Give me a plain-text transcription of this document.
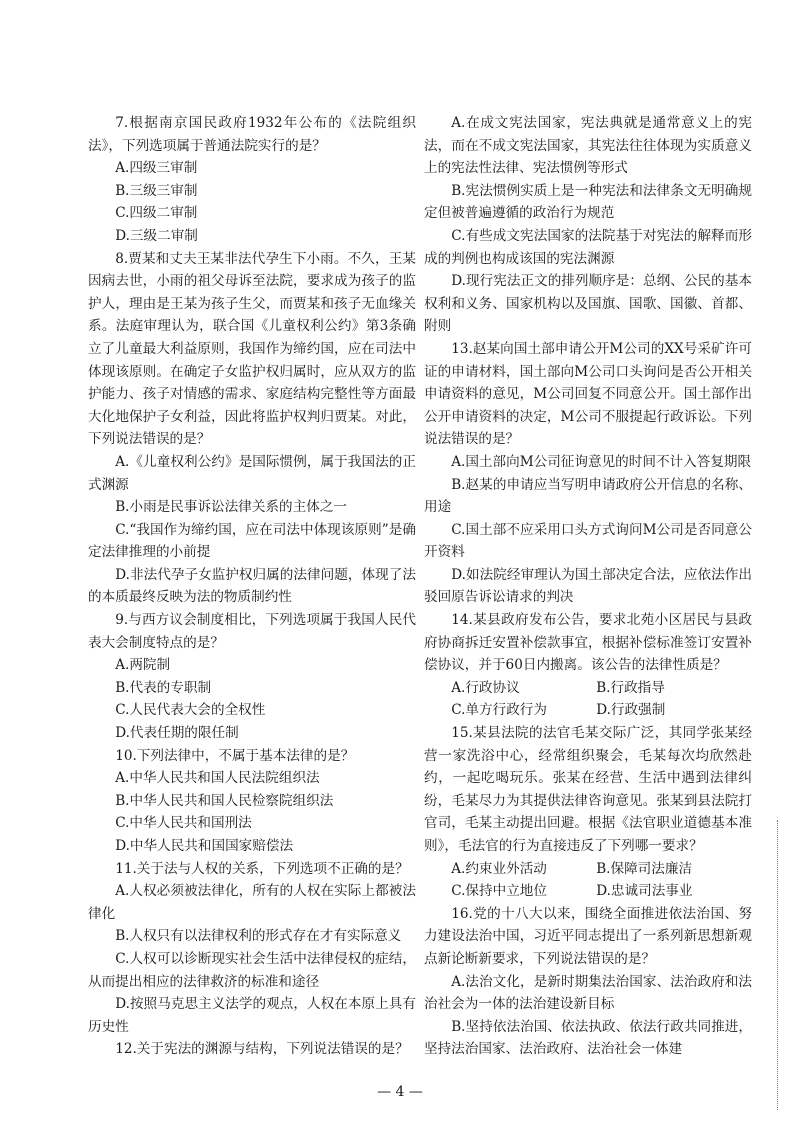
7.根据南京国民政府1932年公布的《法院组织法》，下列选项属于普通法院实行的是？

A.四级三审制

B.三级三审制

C.四级二审制

D.三级二审制

8.贾某和丈夫王某非法代孕生下小雨。不久，王某因病去世，小雨的祖父母诉至法院，要求成为孩子的监护人，理由是王某为孩子生父，而贾某和孩子无血缘关系。法庭审理认为，联合国《儿童权利公约》第3条确立了儿童最大利益原则，我国作为缔约国，应在司法中体现该原则。在确定子女监护权归属时，应从双方的监护能力、孩子对情感的需求、家庭结构完整性等方面最大化地保护子女利益，因此将监护权判归贾某。对此，下列说法错误的是？

A.《儿童权利公约》是国际惯例，属于我国法的正式渊源

B.小雨是民事诉讼法律关系的主体之一

C.“我国作为缔约国，应在司法中体现该原则”是确定法律推理的小前提

D.非法代孕子女监护权归属的法律问题，体现了法的本质最终反映为法的物质制约性

9.与西方议会制度相比，下列选项属于我国人民代表大会制度特点的是？

A.两院制

B.代表的专职制

C.人民代表大会的全权性

D.代表任期的限任制

10.下列法律中，不属于基本法律的是？

A.中华人民共和国人民法院组织法

B.中华人民共和国人民检察院组织法

C.中华人民共和国刑法

D.中华人民共和国国家赔偿法

11.关于法与人权的关系，下列选项不正确的是？

A.人权必须被法律化，所有的人权在实际上都被法律化

B.人权只有以法律权利的形式存在才有实际意义

C.人权可以诊断现实社会生活中法律侵权的症结，从而提出相应的法律救济的标准和途径

D.按照马克思主义法学的观点，人权在本原上具有历史性

12.关于宪法的渊源与结构，下列说法错误的是？

A.在成文宪法国家，宪法典就是通常意义上的宪法，而在不成文宪法国家，其宪法往往体现为实质意义上的宪法性法律、宪法惯例等形式

B.宪法惯例实质上是一种宪法和法律条文无明确规定但被普遍遵循的政治行为规范

C.有些成文宪法国家的法院基于对宪法的解释而形成的判例也构成该国的宪法渊源

D.现行宪法正文的排列顺序是：总纲、公民的基本权利和义务、国家机构以及国旗、国歌、国徽、首都、附则

13.赵某向国土部申请公开M公司的XX号采矿许可证的申请材料，国土部向M公司口头询问是否公开相关申请资料的意见，M公司回复不同意公开。国土部作出公开申请资料的决定，M公司不服提起行政诉讼。下列说法错误的是？

A.国土部向M公司征询意见的时间不计入答复期限

B.赵某的申请应当写明申请政府公开信息的名称、用途

C.国土部不应采用口头方式询问M公司是否同意公开资料

D.如法院经审理认为国土部决定合法，应依法作出驳回原告诉讼请求的判决

14.某县政府发布公告，要求北苑小区居民与县政府协商拆迁安置补偿款事宜，根据补偿标准签订安置补偿协议，并于60日内搬离。该公告的法律性质是？

A.行政协议	B.行政指导
C.单方行政行为	D.行政强制

15.某县法院的法官毛某交际广泛，其同学张某经营一家洗浴中心，经常组织聚会，毛某每次均欣然赴约，一起吃喝玩乐。张某在经营、生活中遇到法律纠纷，毛某尽力为其提供法律咨询意见。张某到县法院打官司，毛某主动提出回避。根据《法官职业道德基本准则》，毛法官的行为直接违反了下列哪一要求？

A.约束业外活动	B.保障司法廉洁
C.保持中立地位	D.忠诚司法事业

16.党的十八大以来，围绕全面推进依法治国、努力建设法治中国，习近平同志提出了一系列新思想新观点新论断新要求，下列说法错误的是？

A.法治文化，是新时期集法治国家、法治政府和法治社会为一体的法治建设新目标

B.坚持依法治国、依法执政、依法行政共同推进，坚持法治国家、法治政府、法治社会一体建

— 4 —
